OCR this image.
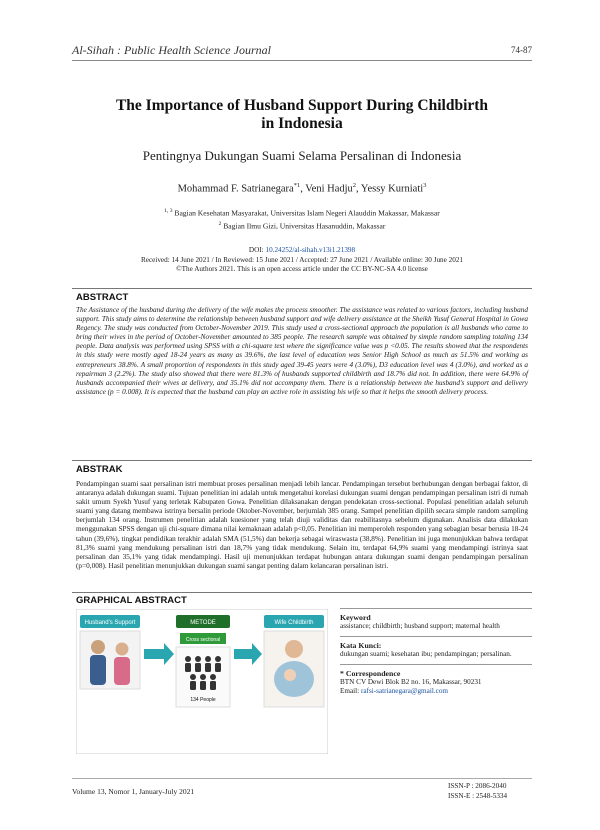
Al-Sihah : Public Health Science Journal	74-87
The Importance of Husband Support During Childbirth
in Indonesia
Pentingnya Dukungan Suami Selama Persalinan di Indonesia
Mohammad F. Satrianegara$^{*1}$, Veni Hadju$^2$, Yessy Kurniati$^3$
$^{1, 3}$ Bagian Kesehatan Masyarakat, Universitas Islam Negeri Alauddin Makassar, Makassar
$^2$ Bagian Ilmu Gizi, Universitas Hasanuddin, Makassar
DOI: 10.24252/al-sihah.v13i1.21398
Received: 14 June 2021 / In Reviewed: 15 June 2021 / Accepted: 27 June 2021 / Available online: 30 June 2021
©The Authors 2021. This is an open access article under the CC BY-NC-SA 4.0 license
ABSTRACT
The Assistance of the husband during the delivery of the wife makes the process smoother. The assistance was related to various factors, including husband support. This study aims to determine the relationship between husband support and wife delivery assistance at the Sheikh Yusuf General Hospital in Gowa Regency. The study was conducted from October-November 2019. This study used a cross-sectional approach the population is all husbands who came to bring their wives in the period of October-November amounted to 385 people. The research sample was obtained by simple random sampling totaling 134 people. Data analysis was performed using SPSS with a chi-square test where the significance value was p <0.05. The results showed that the respondents in this study were mostly aged 18-24 years as many as 39.6%, the last level of education was Senior High School as much as 51.5% and working as entrepreneurs 38.8%. A small proportion of respondents in this study aged 39-45 years were 4 (3.0%), D3 education level was 4 (3.0%), and worked as a repairman 3 (2.2%). The study also showed that there were 81.3% of husbands supported childbirth and 18.7% did not. In addition, there were 64.9% of husbands accompanied their wives at delivery, and 35.1% did not accompany them. There is a relationship between the husband's support and delivery assistance (p = 0.008). It is expected that the husband can play an active role in assisting his wife so that it helps the smooth delivery process.
ABSTRAK
Pendampingan suami saat persalinan istri membuat proses persalinan menjadi lebih lancar. Pendampingan tersebut berhubungan dengan berbagai faktor, di antaranya adalah dukungan suami. Tujuan penelitian ini adalah untuk mengetahui korelasi dukungan suami dengan pendampingan persalinan istri di rumah sakit umum Syekh Yusuf yang terletak Kabupaten Gowa. Penelitian dilaksanakan dengan pendekatan cross-sectional. Populasi penelitian adalah seluruh suami yang datang membawa istrinya bersalin periode Oktober-November, berjumlah 385 orang. Sampel penelitian dipilih secara simple random sampling berjumlah 134 orang. Instrumen penelitian adalah kuesioner yang telah diuji validitas dan reabilitasnya sebelum digunakan. Analisis data dilakukan menggunakan SPSS dengan uji chi-square dimana nilai kemaknaan adalah p<0,05. Penelitian ini memperoleh responden yang sebagian besar berusia 18-24 tahun (39,6%), tingkat pendidikan terakhir adalah SMA (51,5%) dan bekerja sebagai wiraswasta (38,8%). Penelitian ini juga menunjukkan bahwa terdapat 81,3% suami yang mendukung persalinan istri dan 18,7% yang tidak mendukung. Selain itu, terdapat 64,9% suami yang mendampingi istrinya saat persalinan dan 35,1% yang tidak mendampingi. Hasil uji menunjukkan terdapat hubungan antara dukungan suami dengan pendampingan persalinan (p=0,008). Hasil penelitian menunjukkan dukungan suami sangat penting dalam kelancaran persalinan istri.
GRAPHICAL ABSTRACT
Husband's Support	METODE
Cross sectional
134 People
Wife Childbirth
Keyword
assistance; childbirth; husband support; maternal health
Kata Kunci:
dukungan suami; kesehatan ibu; pendampingan; persalinan.
* Correspondence
BTN CV Dewi Blok B2 no. 16, Makassar, 90231
Email: rafsi-satrianegara@gmail.com
Volume 13, Nomor 1, January-July 2021
ISSN-P : 2086-2040
ISSN-E : 2548-5334
